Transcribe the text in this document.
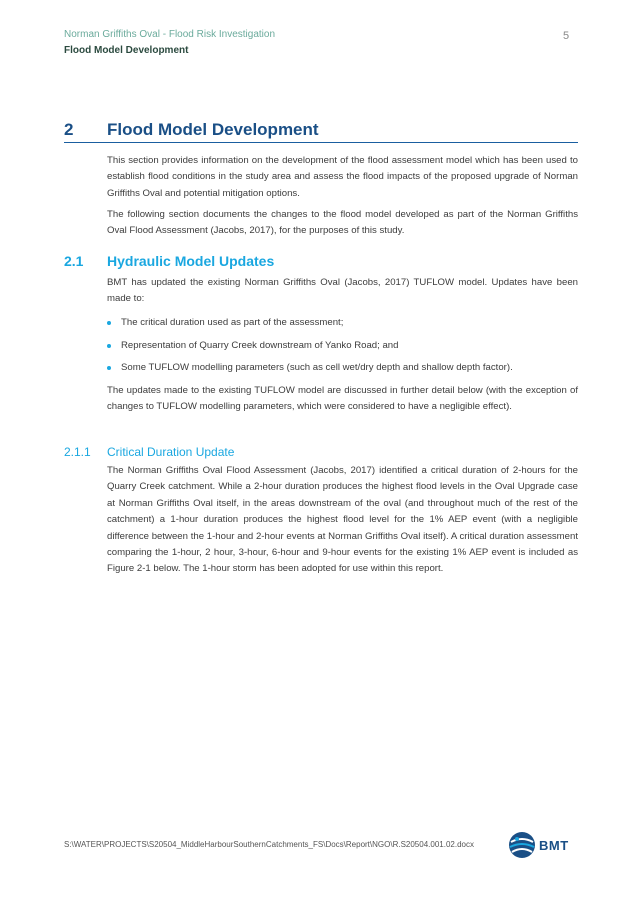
Norman Griffiths Oval - Flood Risk Investigation
Flood Model Development
5
2 Flood Model Development

This section provides information on the development of the flood assessment model which has been used to establish flood conditions in the study area and assess the flood impacts of the proposed upgrade of Norman Griffiths Oval and potential mitigation options.

The following section documents the changes to the flood model developed as part of the Norman Griffiths Oval Flood Assessment (Jacobs, 2017), for the purposes of this study.

2.1 Hydraulic Model Updates

BMT has updated the existing Norman Griffiths Oval (Jacobs, 2017) TUFLOW model. Updates have been made to:

The critical duration used as part of the assessment;
Representation of Quarry Creek downstream of Yanko Road; and
Some TUFLOW modelling parameters (such as cell wet/dry depth and shallow depth factor).

The updates made to the existing TUFLOW model are discussed in further detail below (with the exception of changes to TUFLOW modelling parameters, which were considered to have a negligible effect).

2.1.1 Critical Duration Update

The Norman Griffiths Oval Flood Assessment (Jacobs, 2017) identified a critical duration of 2-hours for the Quarry Creek catchment. While a 2-hour duration produces the highest flood levels in the Oval Upgrade case at Norman Griffiths Oval itself, in the areas downstream of the oval (and throughout much of the rest of the catchment) a 1-hour duration produces the highest flood level for the 1% AEP event (with a negligible difference between the 1-hour and 2-hour events at Norman Griffiths Oval itself). A critical duration assessment comparing the 1-hour, 2 hour, 3-hour, 6-hour and 9-hour events for the existing 1% AEP event is included as Figure 2-1 below. The 1-hour storm has been adopted for use within this report.

S:\WATER\PROJECTS\S20504_MiddleHarbourSouthernCatchments_FS\Docs\Report\NGO\R.S20504.001.02.docx	BMT
